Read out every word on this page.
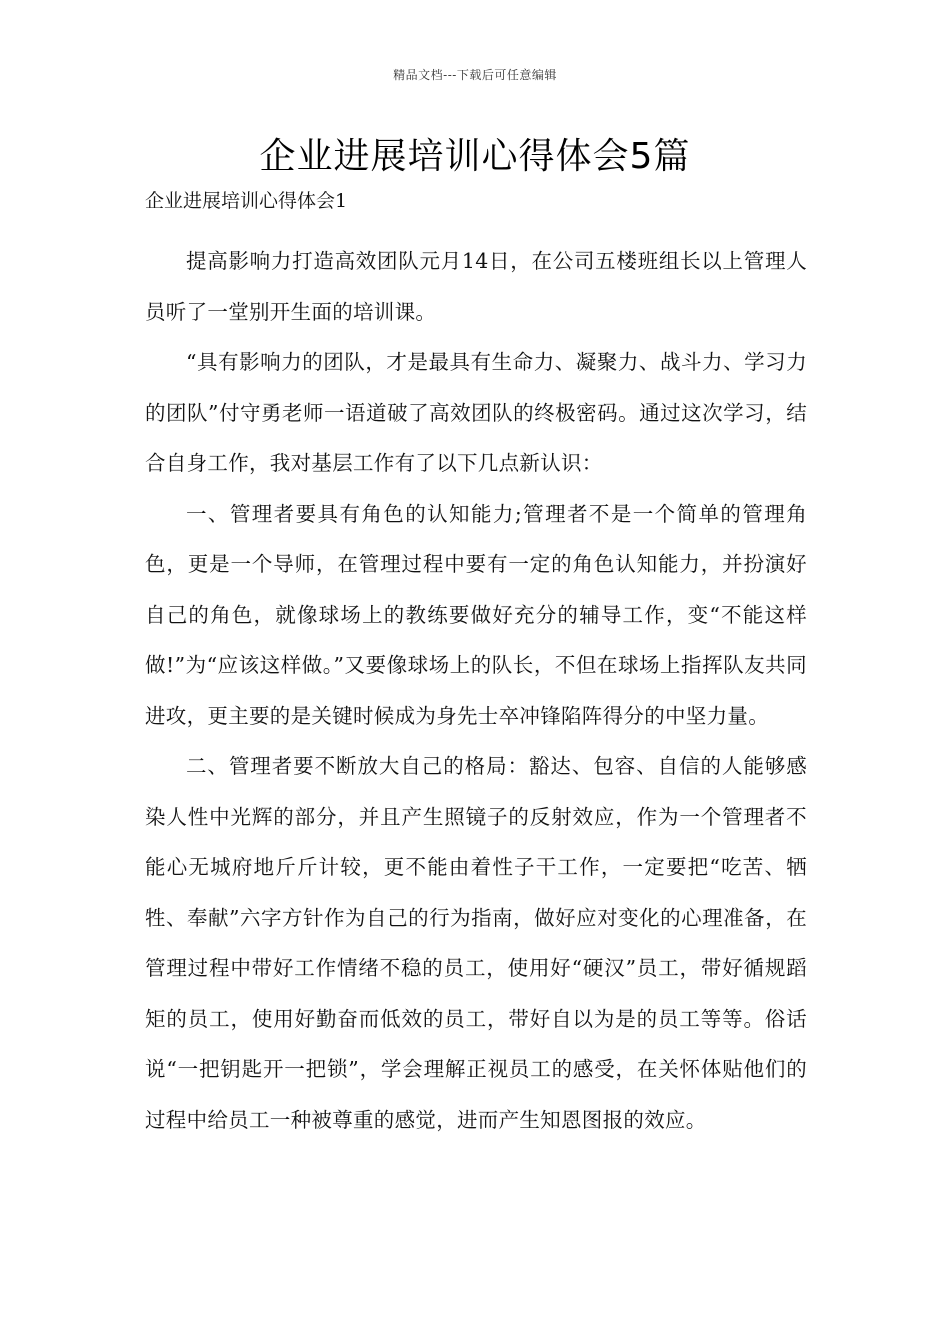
精品文档---下载后可任意编辑
企业进展培训心得体会5篇
企业进展培训心得体会1

提高影响力打造高效团队元月14日，在公司五楼班组长以上管理人员听了一堂别开生面的培训课。

“具有影响力的团队，才是最具有生命力、凝聚力、战斗力、学习力的团队”付守勇老师一语道破了高效团队的终极密码。通过这次学习，结合自身工作，我对基层工作有了以下几点新认识：

一、管理者要具有角色的认知能力;管理者不是一个简单的管理角色，更是一个导师，在管理过程中要有一定的角色认知能力，并扮演好自己的角色，就像球场上的教练要做好充分的辅导工作，变“不能这样做!”为“应该这样做。”又要像球场上的队长，不但在球场上指挥队友共同进攻，更主要的是关键时候成为身先士卒冲锋陷阵得分的中坚力量。

二、管理者要不断放大自己的格局：豁达、包容、自信的人能够感染人性中光辉的部分，并且产生照镜子的反射效应，作为一个管理者不能心无城府地斤斤计较，更不能由着性子干工作，一定要把“吃苦、牺牲、奉献”六字方针作为自己的行为指南，做好应对变化的心理准备，在管理过程中带好工作情绪不稳的员工，使用好“硬汉”员工，带好循规蹈矩的员工，使用好勤奋而低效的员工，带好自以为是的员工等等。俗话说“一把钥匙开一把锁”，学会理解正视员工的感受，在关怀体贴他们的过程中给员工一种被尊重的感觉，进而产生知恩图报的效应。
